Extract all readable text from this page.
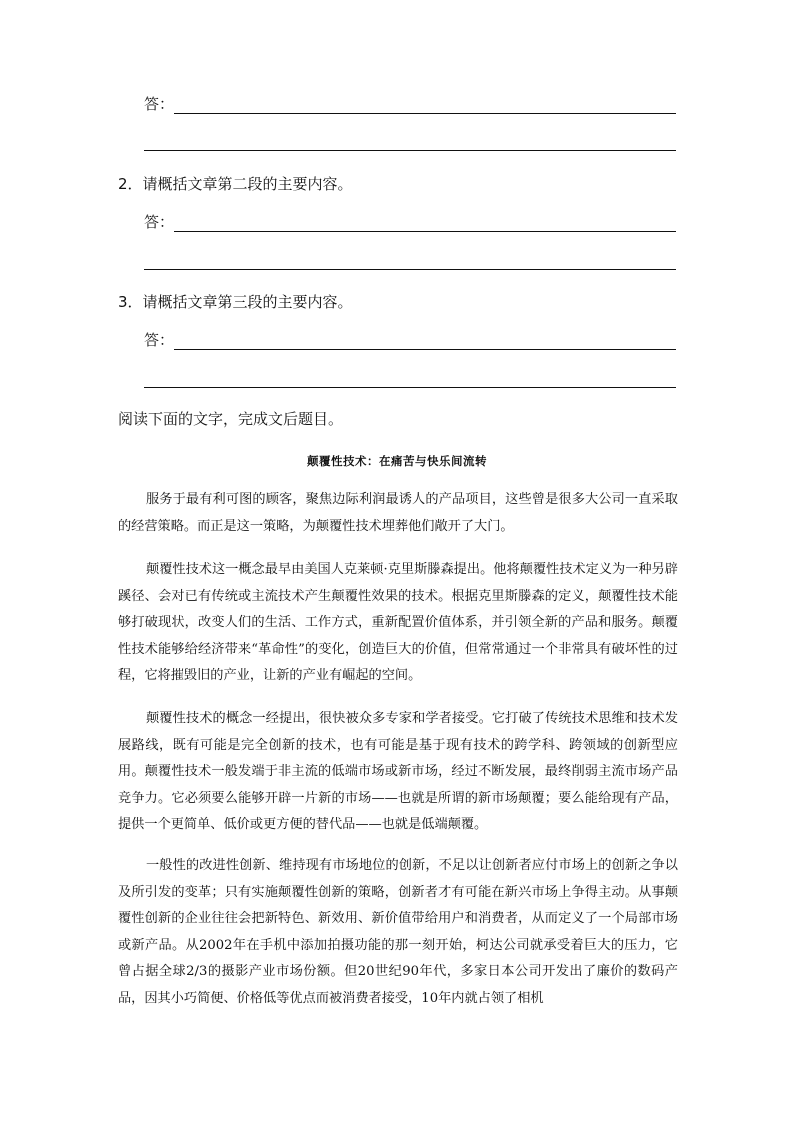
答：
2．请概括文章第二段的主要内容。
答：
3．请概括文章第三段的主要内容。
答：
阅读下面的文字，完成文后题目。
颠覆性技术：在痛苦与快乐间流转

服务于最有利可图的顾客，聚焦边际利润最诱人的产品项目，这些曾是很多大公司一直采取的经营策略。而正是这一策略，为颠覆性技术埋葬他们敞开了大门。

颠覆性技术这一概念最早由美国人克莱顿·克里斯滕森提出。他将颠覆性技术定义为一种另辟蹊径、会对已有传统或主流技术产生颠覆性效果的技术。根据克里斯滕森的定义，颠覆性技术能够打破现状，改变人们的生活、工作方式，重新配置价值体系，并引领全新的产品和服务。颠覆性技术能够给经济带来“革命性”的变化，创造巨大的价值，但常常通过一个非常具有破坏性的过程，它将摧毁旧的产业，让新的产业有崛起的空间。

颠覆性技术的概念一经提出，很快被众多专家和学者接受。它打破了传统技术思维和技术发展路线，既有可能是完全创新的技术，也有可能是基于现有技术的跨学科、跨领域的创新型应用。颠覆性技术一般发端于非主流的低端市场或新市场，经过不断发展，最终削弱主流市场产品竞争力。它必须要么能够开辟一片新的市场——也就是所谓的新市场颠覆；要么能给现有产品，提供一个更简单、低价或更方便的替代品——也就是低端颠覆。

一般性的改进性创新、维持现有市场地位的创新，不足以让创新者应付市场上的创新之争以及所引发的变革；只有实施颠覆性创新的策略，创新者才有可能在新兴市场上争得主动。从事颠覆性创新的企业往往会把新特色、新效用、新价值带给用户和消费者，从而定义了一个局部市场或新产品。从2002年在手机中添加拍摄功能的那一刻开始，柯达公司就承受着巨大的压力，它曾占据全球2/3的摄影产业市场份额。但20世纪90年代，多家日本公司开发出了廉价的数码产品，因其小巧简便、价格低等优点而被消费者接受，10年内就占领了相机
